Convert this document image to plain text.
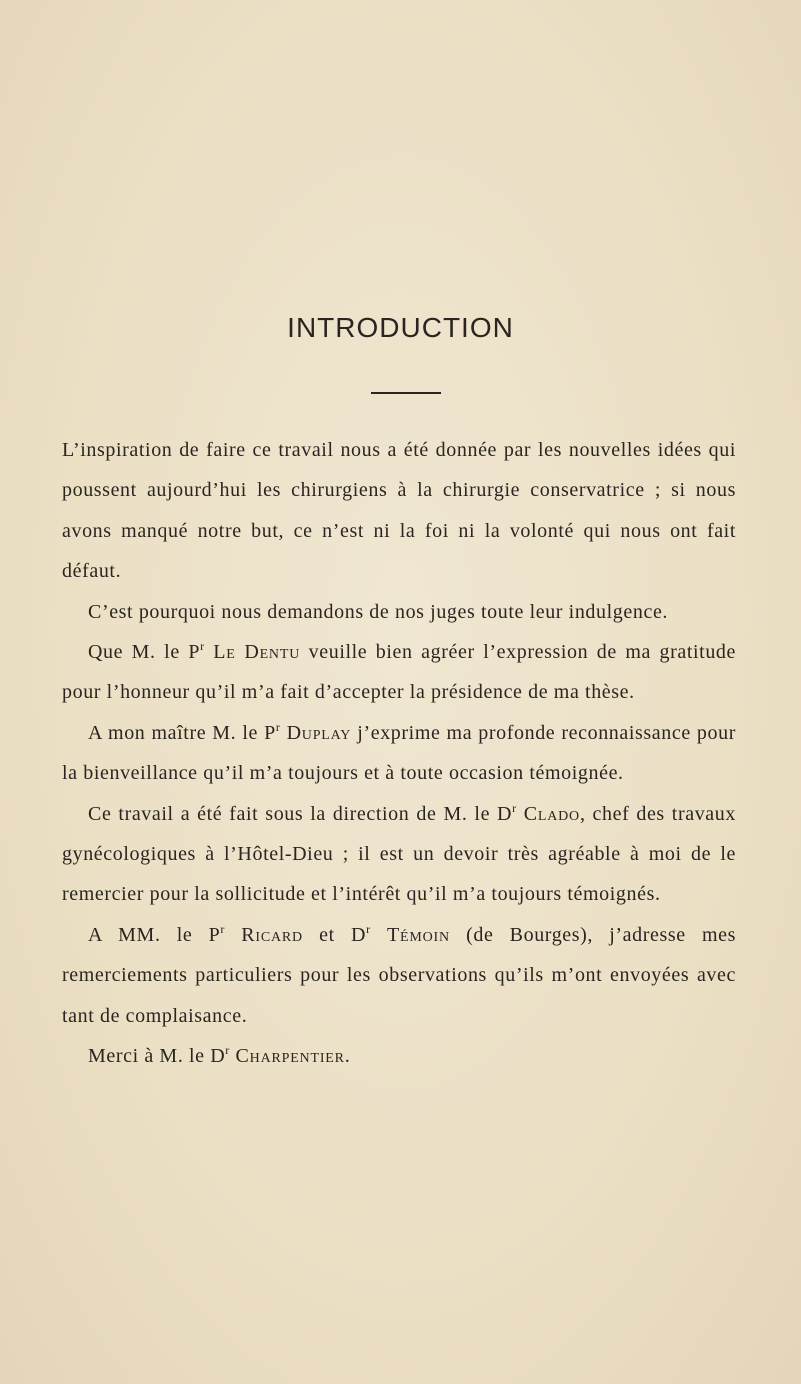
INTRODUCTION

L’inspiration de faire ce travail nous a été donnée par les nouvelles idées qui poussent aujourd’hui les chirurgiens à la chirurgie conservatrice ; si nous avons manqué notre but, ce n’est ni la foi ni la volonté qui nous ont fait défaut.

C’est pourquoi nous demandons de nos juges toute leur indulgence.

Que M. le $P^r$ Le Dentu veuille bien agréer l’expression de ma gratitude pour l’honneur qu’il m’a fait d’accepter la présidence de ma thèse.

A mon maître M. le $P^r$ Duplay j’exprime ma profonde reconnaissance pour la bienveillance qu’il m’a toujours et à toute occasion témoignée.

Ce travail a été fait sous la direction de M. le $D^r$ Clado, chef des travaux gynécologiques à l’Hôtel-Dieu ; il est un devoir très agréable à moi de le remercier pour la sollicitude et l’intérêt qu’il m’a toujours témoignés.

A MM. le $P^r$ Ricard et $D^r$ Témoin (de Bourges), j’adresse mes remerciements particuliers pour les observations qu’ils m’ont envoyées avec tant de complaisance.

Merci à M. le $D^r$ Charpentier.
